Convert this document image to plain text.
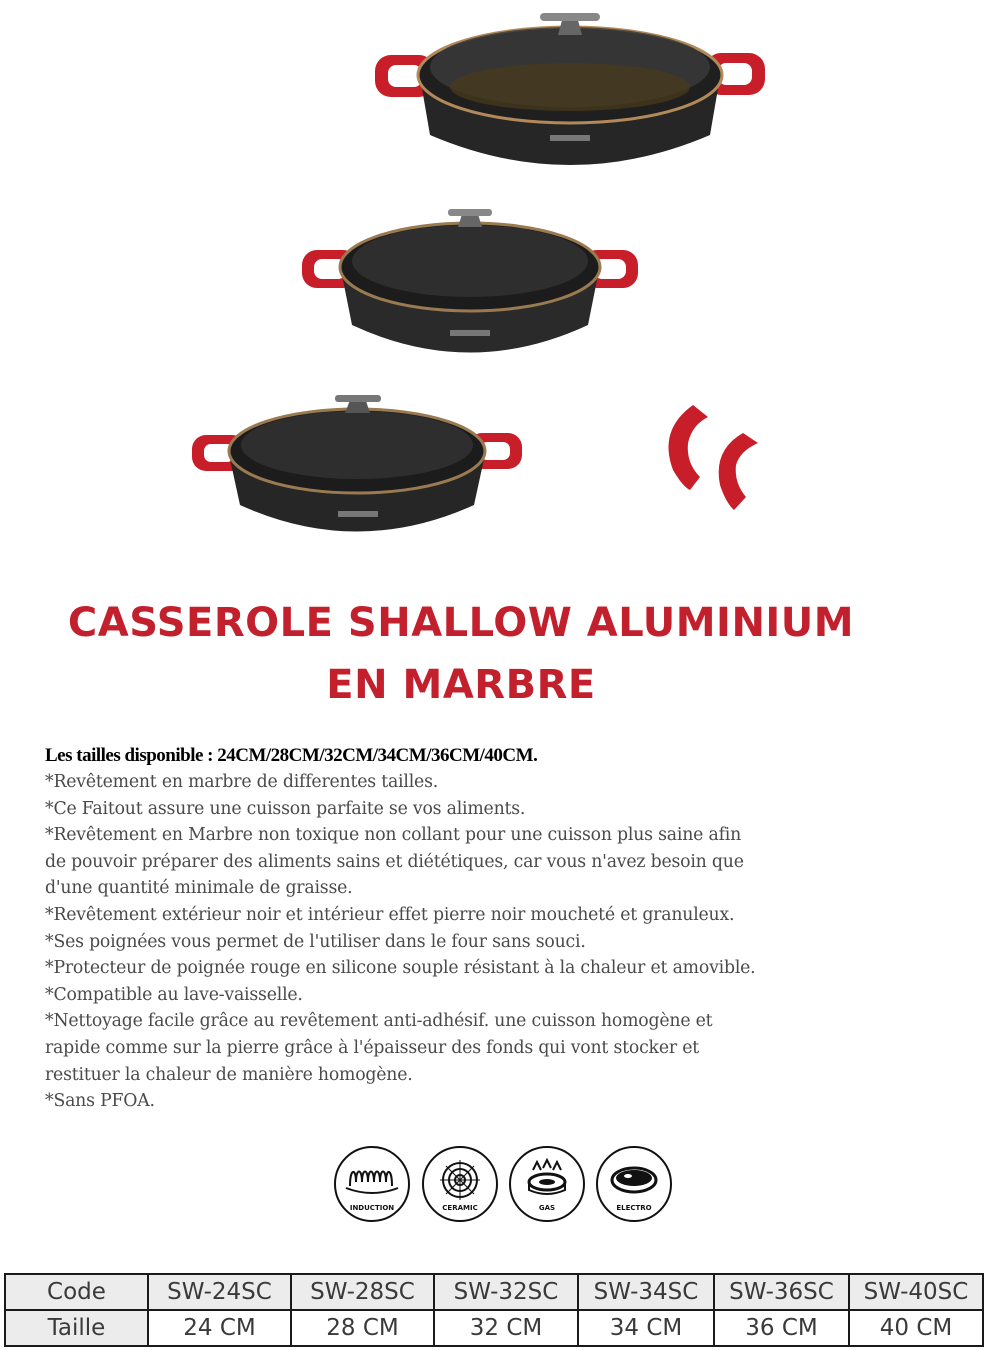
CASSEROLE SHALLOW ALUMINIUM
EN MARBRE

Les tailles disponible : 24CM/28CM/32CM/34CM/36CM/40CM.

*Revêtement en marbre de differentes tailles.

*Ce Faitout assure une cuisson parfaite se vos aliments.

*Revêtement en Marbre non toxique non collant pour une cuisson plus saine afin

de pouvoir préparer des aliments sains et diététiques, car vous n'avez besoin que

d'une quantité minimale de graisse.

*Revêtement extérieur noir et intérieur effet pierre noir moucheté et granuleux.

*Ses poignées vous permet de l'utiliser dans le four sans souci.

*Protecteur de poignée rouge en silicone souple résistant à la chaleur et amovible.

*Compatible au lave-vaisselle.

*Nettoyage facile grâce au revêtement anti-adhésif. une cuisson homogène et

rapide comme sur la pierre grâce à l'épaisseur des fonds qui vont stocker et

restituer la chaleur de manière homogène.

*Sans PFOA.

INDUCTION	CERAMIC	GAS	ELECTRO
Code	SW-24SC	SW-28SC	SW-32SC	SW-34SC	SW-36SC	SW-40SC
Taille	24 CM	28 CM	32 CM	34 CM	36 CM	40 CM
